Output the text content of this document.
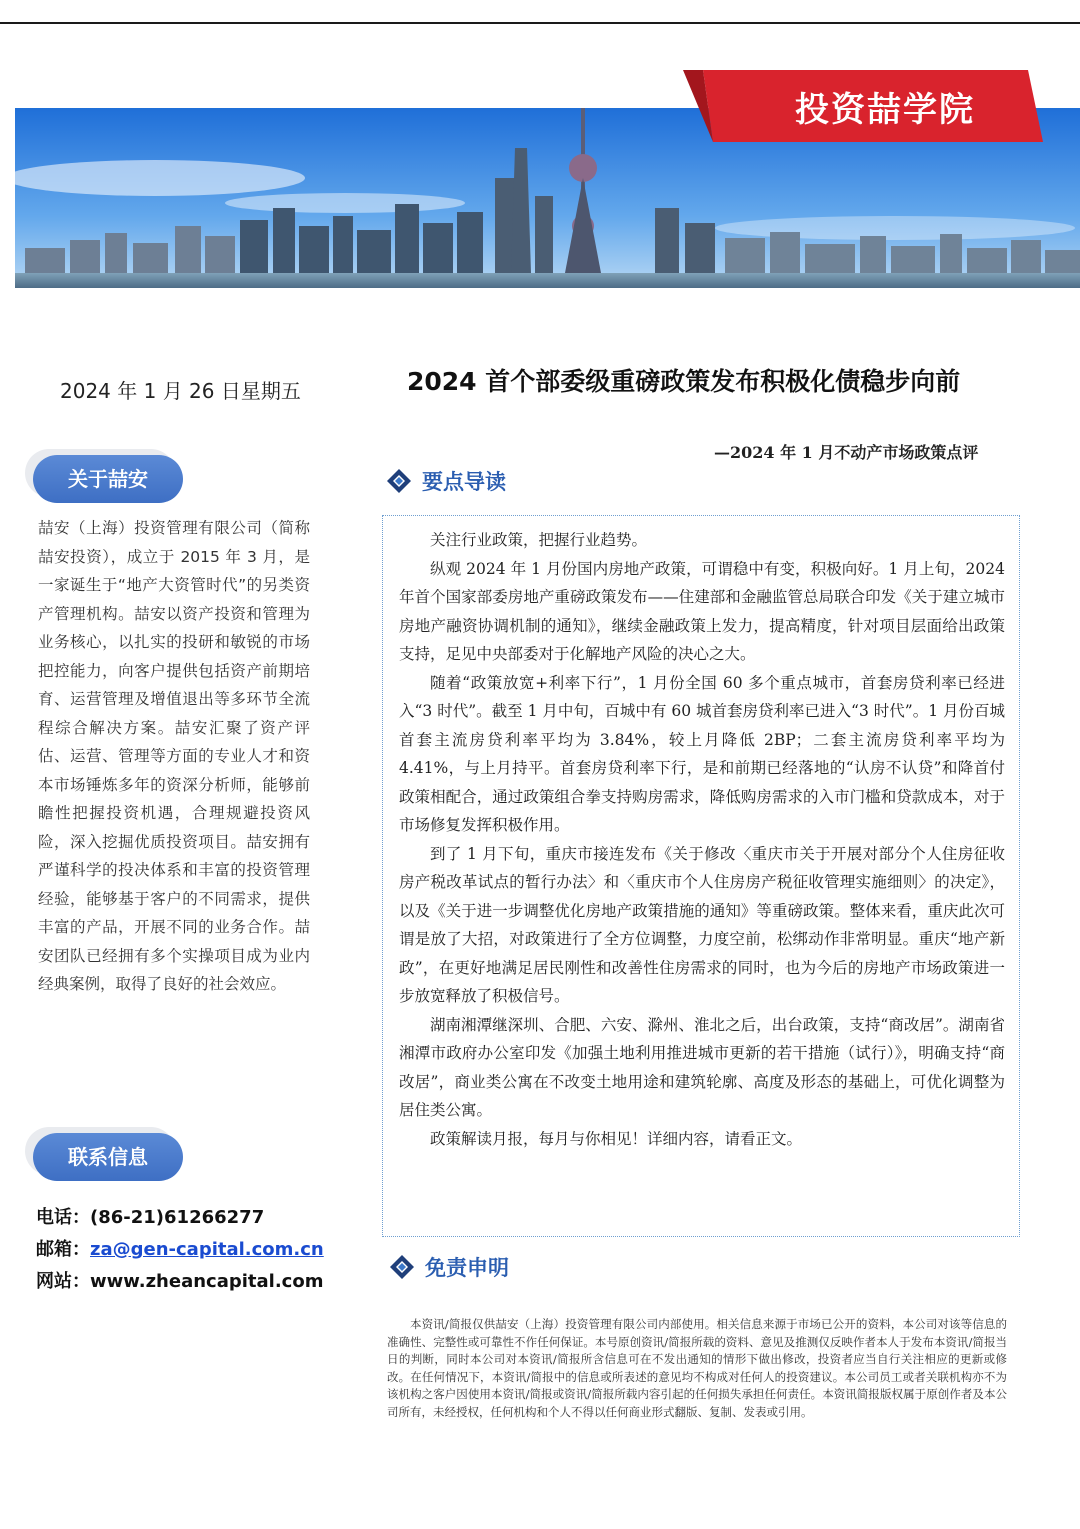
投资喆学院
2024 年 1 月 26 日星期五
关于喆安
喆安（上海）投资管理有限公司（简称喆安投资），成立于 2015 年 3 月，是一家诞生于“地产大资管时代”的另类资产管理机构。喆安以资产投资和管理为业务核心，以扎实的投研和敏锐的市场把控能力，向客户提供包括资产前期培育、运营管理及增值退出等多环节全流程综合解决方案。喆安汇聚了资产评估、运营、管理等方面的专业人才和资本市场锤炼多年的资深分析师，能够前瞻性把握投资机遇，合理规避投资风险，深入挖掘优质投资项目。喆安拥有严谨科学的投决体系和丰富的投资管理经验，能够基于客户的不同需求，提供丰富的产品，开展不同的业务合作。喆安团队已经拥有多个实操项目成为业内经典案例，取得了良好的社会效应。
联系信息
电话：(86-21)61266277
邮箱：za@gen-capital.com.cn
网站：www.zheancapital.com
2024 首个部委级重磅政策发布积极化债稳步向前
—2024 年 1 月不动产市场政策点评
要点导读

关注行业政策，把握行业趋势。

纵观 2024 年 1 月份国内房地产政策，可谓稳中有变，积极向好。1 月上旬，2024 年首个国家部委房地产重磅政策发布——住建部和金融监管总局联合印发《关于建立城市房地产融资协调机制的通知》，继续金融政策上发力，提高精度，针对项目层面给出政策支持，足见中央部委对于化解地产风险的决心之大。

随着“政策放宽+利率下行”，1 月份全国 60 多个重点城市，首套房贷利率已经进入“3 时代”。截至 1 月中旬，百城中有 60 城首套房贷利率已进入“3 时代”。1 月份百城首套主流房贷利率平均为 3.84%，较上月降低 2BP；二套主流房贷利率平均为 4.41%，与上月持平。首套房贷利率下行，是和前期已经落地的“认房不认贷”和降首付政策相配合，通过政策组合拳支持购房需求，降低购房需求的入市门槛和贷款成本，对于市场修复发挥积极作用。

到了 1 月下旬，重庆市接连发布《关于修改〈重庆市关于开展对部分个人住房征收房产税改革试点的暂行办法〉和〈重庆市个人住房房产税征收管理实施细则〉的决定》，以及《关于进一步调整优化房地产政策措施的通知》等重磅政策。整体来看，重庆此次可谓是放了大招，对政策进行了全方位调整，力度空前，松绑动作非常明显。重庆“地产新政”，在更好地满足居民刚性和改善性住房需求的同时，也为今后的房地产市场政策进一步放宽释放了积极信号。

湖南湘潭继深圳、合肥、六安、滁州、淮北之后，出台政策，支持“商改居”。湖南省湘潭市政府办公室印发《加强土地利用推进城市更新的若干措施（试行）》，明确支持“商改居”，商业类公寓在不改变土地用途和建筑轮廓、高度及形态的基础上，可优化调整为居住类公寓。

政策解读月报，每月与你相见！详细内容，请看正文。

免责申明
本资讯/简报仅供喆安（上海）投资管理有限公司内部使用。相关信息来源于市场已公开的资料，本公司对该等信息的准确性、完整性或可靠性不作任何保证。本号原创资讯/简报所载的资料、意见及推测仅反映作者本人于发布本资讯/简报当日的判断，同时本公司对本资讯/简报所含信息可在不发出通知的情形下做出修改，投资者应当自行关注相应的更新或修改。在任何情况下，本资讯/简报中的信息或所表述的意见均不构成对任何人的投资建议。本公司员工或者关联机构亦不为该机构之客户因使用本资讯/简报或资讯/简报所载内容引起的任何损失承担任何责任。本资讯简报版权属于原创作者及本公司所有，未经授权，任何机构和个人不得以任何商业形式翻版、复制、发表或引用。
